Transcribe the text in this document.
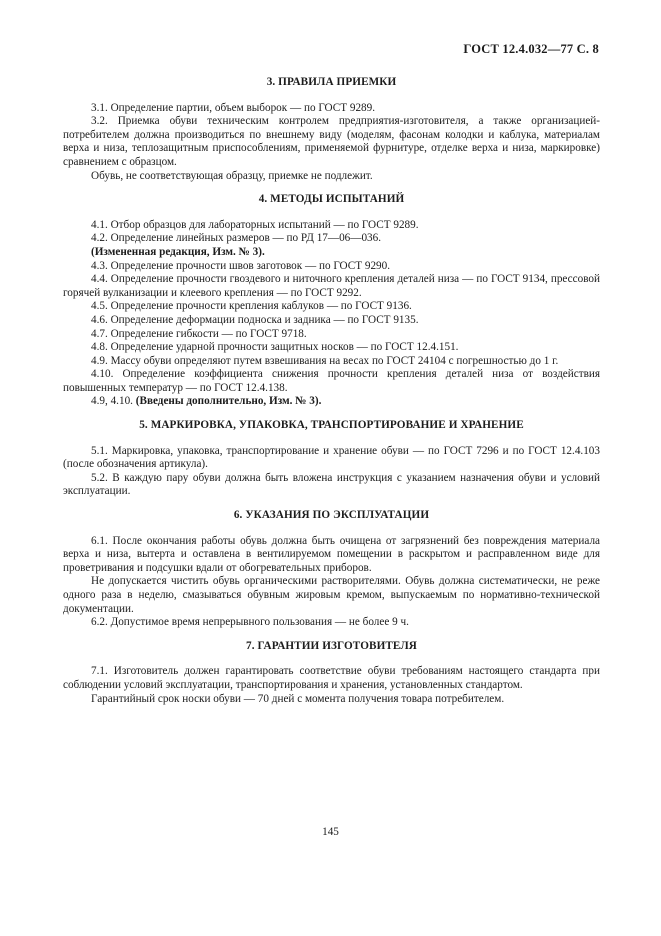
ГОСТ 12.4.032—77 С. 8
3. ПРАВИЛА ПРИЕМКИ

3.1. Определение партии, объем выборок — по ГОСТ 9289.

3.2. Приемка обуви техническим контролем предприятия-изготовителя, а также организацией-потребителем должна производиться по внешнему виду (моделям, фасонам колодки и каблука, материалам верха и низа, теплозащитным приспособлениям, применяемой фурнитуре, отделке верха и низа, маркировке) сравнением с образцом.

Обувь, не соответствующая образцу, приемке не подлежит.

4. МЕТОДЫ ИСПЫТАНИЙ

4.1. Отбор образцов для лабораторных испытаний — по ГОСТ 9289.

4.2. Определение линейных размеров — по РД 17—06—036.

(Измененная редакция, Изм. № 3).

4.3. Определение прочности швов заготовок — по ГОСТ 9290.

4.4. Определение прочности гвоздевого и ниточного крепления деталей низа — по ГОСТ 9134, прессовой горячей вулканизации и клеевого крепления — по ГОСТ 9292.

4.5. Определение прочности крепления каблуков — по ГОСТ 9136.

4.6. Определение деформации подноска и задника — по ГОСТ 9135.

4.7. Определение гибкости — по ГОСТ 9718.

4.8. Определение ударной прочности защитных носков — по ГОСТ 12.4.151.

4.9. Массу обуви определяют путем взвешивания на весах по ГОСТ 24104 с погрешностью до 1 г.

4.10. Определение коэффициента снижения прочности крепления деталей низа от воздействия повышенных температур — по ГОСТ 12.4.138.

4.9, 4.10. (Введены дополнительно, Изм. № 3).

5. МАРКИРОВКА, УПАКОВКА, ТРАНСПОРТИРОВАНИЕ И ХРАНЕНИЕ

5.1. Маркировка, упаковка, транспортирование и хранение обуви — по ГОСТ 7296 и по ГОСТ 12.4.103 (после обозначения артикула).

5.2. В каждую пару обуви должна быть вложена инструкция с указанием назначения обуви и условий эксплуатации.

6. УКАЗАНИЯ ПО ЭКСПЛУАТАЦИИ

6.1. После окончания работы обувь должна быть очищена от загрязнений без повреждения материала верха и низа, вытерта и оставлена в вентилируемом помещении в раскрытом и расправленном виде для проветривания и подсушки вдали от обогревательных приборов.

Не допускается чистить обувь органическими растворителями. Обувь должна систематически, не реже одного раза в неделю, смазываться обувным жировым кремом, выпускаемым по нормативно-технической документации.

6.2. Допустимое время непрерывного пользования — не более 9 ч.

7. ГАРАНТИИ ИЗГОТОВИТЕЛЯ

7.1. Изготовитель должен гарантировать соответствие обуви требованиям настоящего стандарта при соблюдении условий эксплуатации, транспортирования и хранения, установленных стандартом.

Гарантийный срок носки обуви — 70 дней с момента получения товара потребителем.

145
